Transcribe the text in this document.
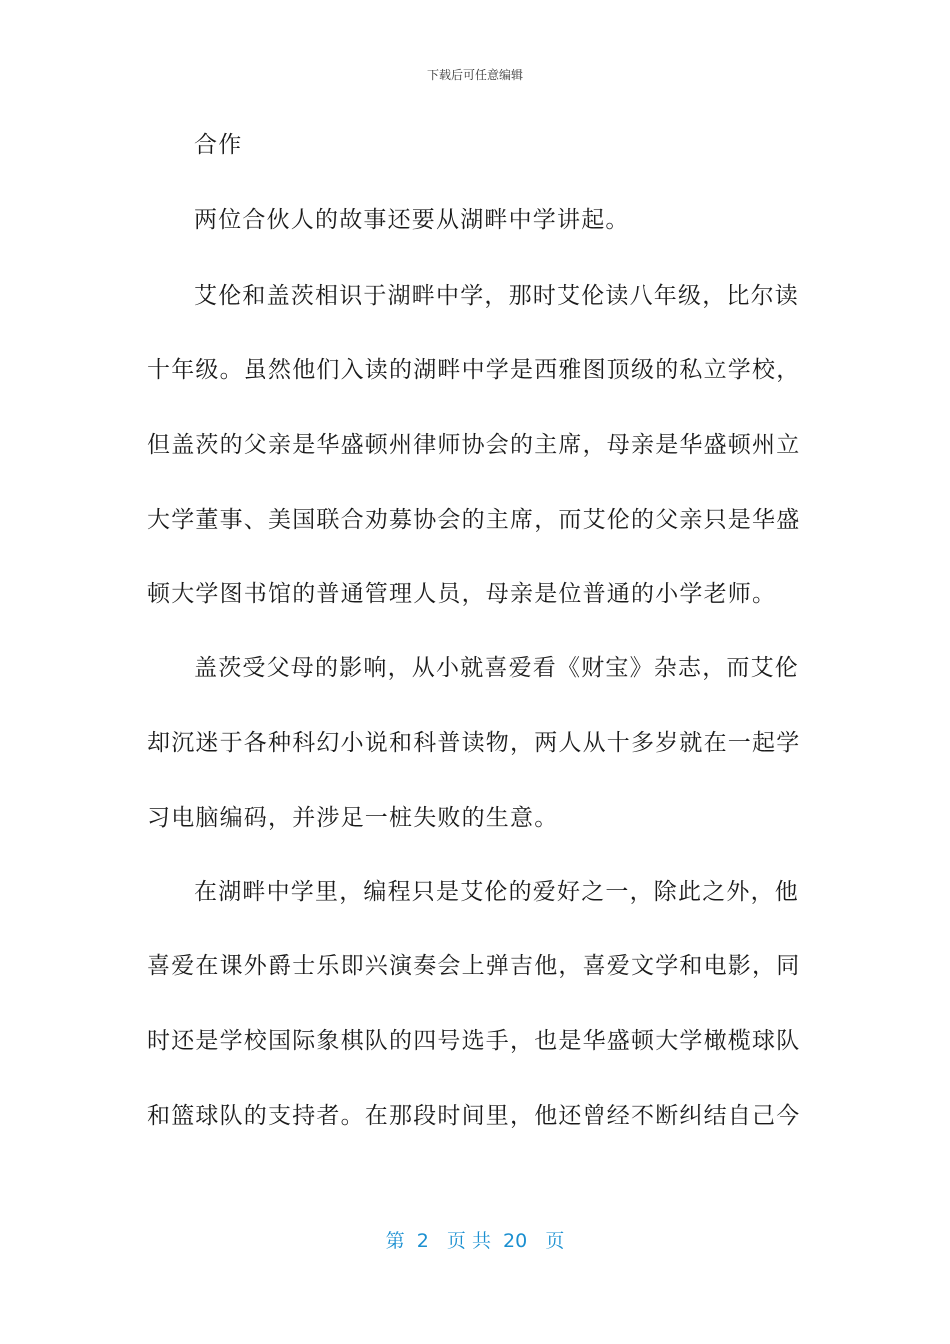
下载后可任意编辑
合作
两位合伙人的故事还要从湖畔中学讲起。
艾伦和盖茨相识于湖畔中学，那时艾伦读八年级，比尔读
十年级。虽然他们入读的湖畔中学是西雅图顶级的私立学校，
但盖茨的父亲是华盛顿州律师协会的主席，母亲是华盛顿州立
大学董事、美国联合劝募协会的主席，而艾伦的父亲只是华盛
顿大学图书馆的普通管理人员，母亲是位普通的小学老师。
盖茨受父母的影响，从小就喜爱看《财宝》杂志，而艾伦
却沉迷于各种科幻小说和科普读物，两人从十多岁就在一起学
习电脑编码，并涉足一桩失败的生意。
在湖畔中学里，编程只是艾伦的爱好之一，除此之外，他
喜爱在课外爵士乐即兴演奏会上弹吉他，喜爱文学和电影，同
时还是学校国际象棋队的四号选手，也是华盛顿大学橄榄球队
和篮球队的支持者。在那段时间里，他还曾经不断纠结自己今
第  2   页 共  20   页
